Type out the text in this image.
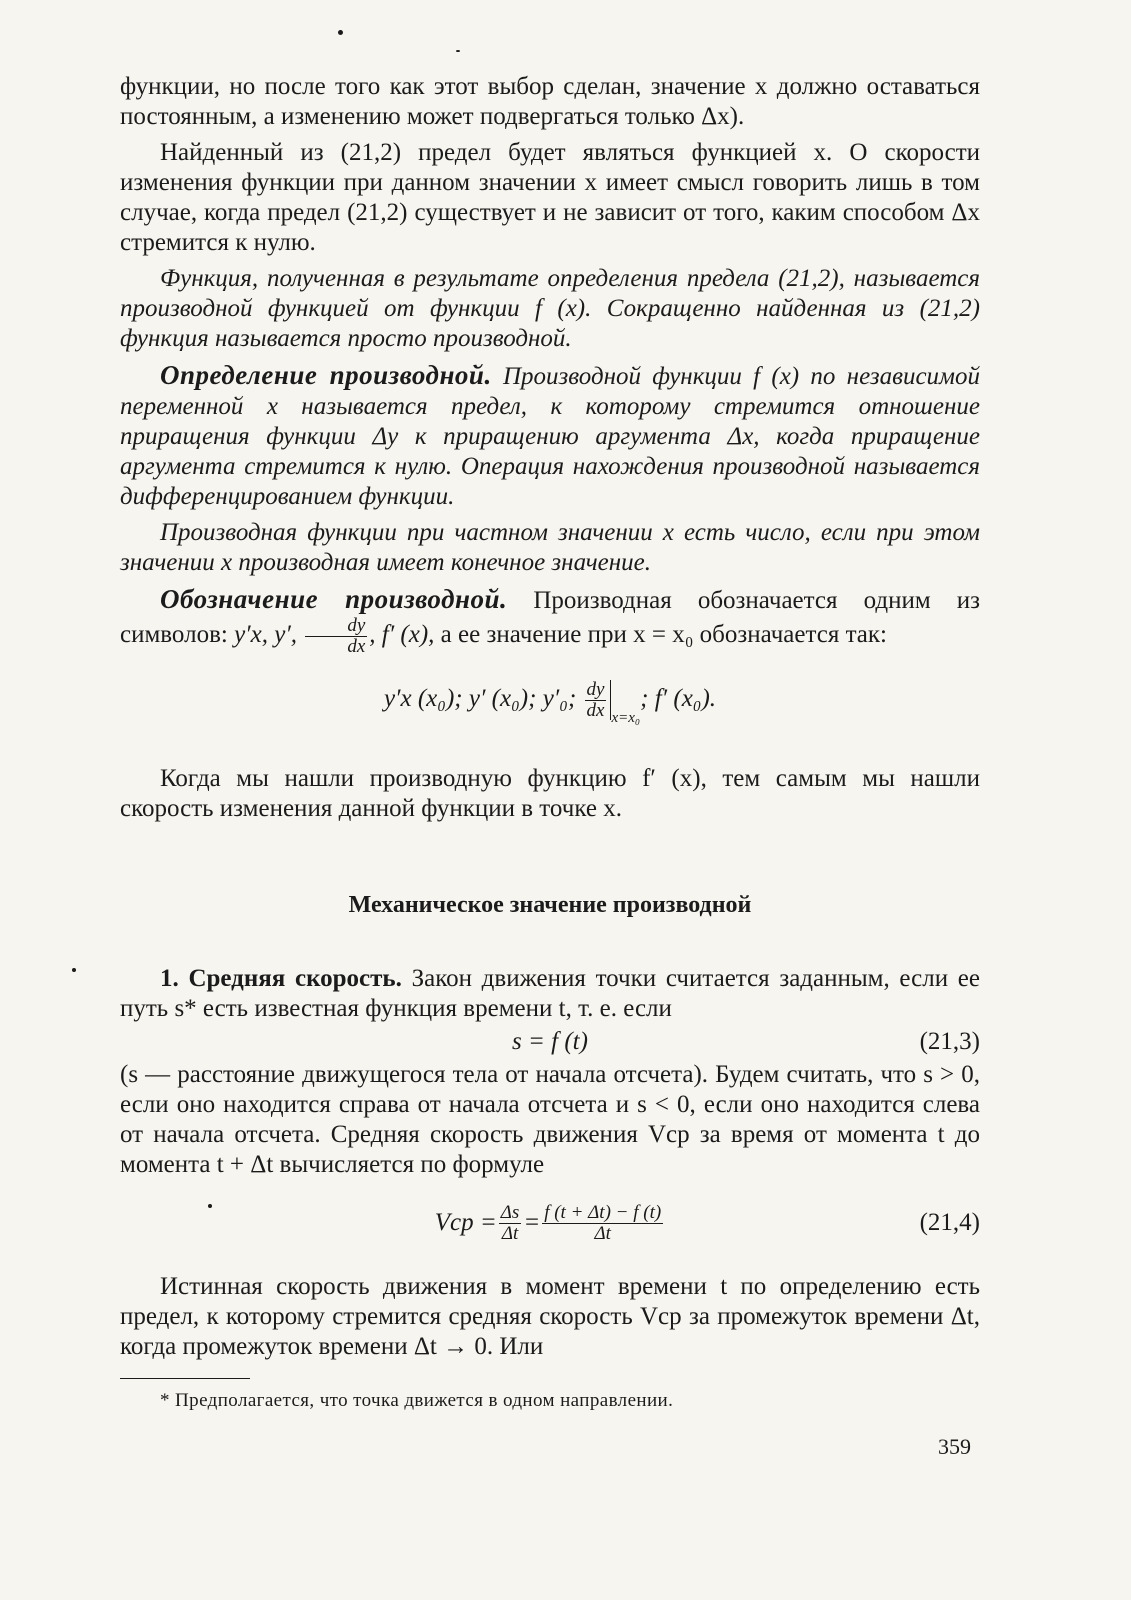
функции, но после того как этот выбор сделан, значение x должно оставаться постоянным, а изменению может подвергаться только Δx).

Найденный из (21,2) предел будет являться функцией x. О скорости изменения функции при данном значении x имеет смысл говорить лишь в том случае, когда предел (21,2) существует и не зависит от того, каким способом Δx стремится к нулю.

Функция, полученная в результате определения предела (21,2), называется производной функцией от функции f (x). Сокращенно найденная из (21,2) функция называется просто производной.

Определение производной. Производной функции f (x) по независимой переменной x называется предел, к которому стремится отношение приращения функции Δy к приращению аргумента Δx, когда приращение аргумента стремится к нулю. Операция нахождения производной называется дифференцированием функции.

Производная функции при частном значении x есть число, если при этом значении x производная имеет конечное значение.

Обозначение производной. Производная обозначается одним из символов: y′x, y′, $\frac{dy}{dx}$ , f′ (x), а ее значение при x = x₀ обозначается так:

y′x (x₀); y′ (x₀); y′₀; $\frac{dy}{dx} _{x=x_0}$; f′ (x₀).

Когда мы нашли производную функцию f′ (x), тем самым мы нашли скорость изменения данной функции в точке x.

Механическое значение производной

1. Средняя скорость. Закон движения точки считается заданным, если ее путь s* есть известная функция времени t, т. е. если

s = f (t)	(21,3)

(s — расстояние движущегося тела от начала отсчета). Будем считать, что s > 0, если оно находится справа от начала отсчета и s < 0, если оно находится слева от начала отсчета. Средняя скорость движения Vср за время от момента t до момента t + Δt вычисляется по формуле

Vср = $\frac{\Delta s}{\Delta t} = \frac{f (t + \Delta t) - f (t)}{\Delta t}$	(21,4)

Истинная скорость движения в момент времени t по определению есть предел, к которому стремится средняя скорость Vср за промежуток времени Δt, когда промежуток времени Δt → 0. Или

* Предполагается, что точка движется в одном направлении.
359
